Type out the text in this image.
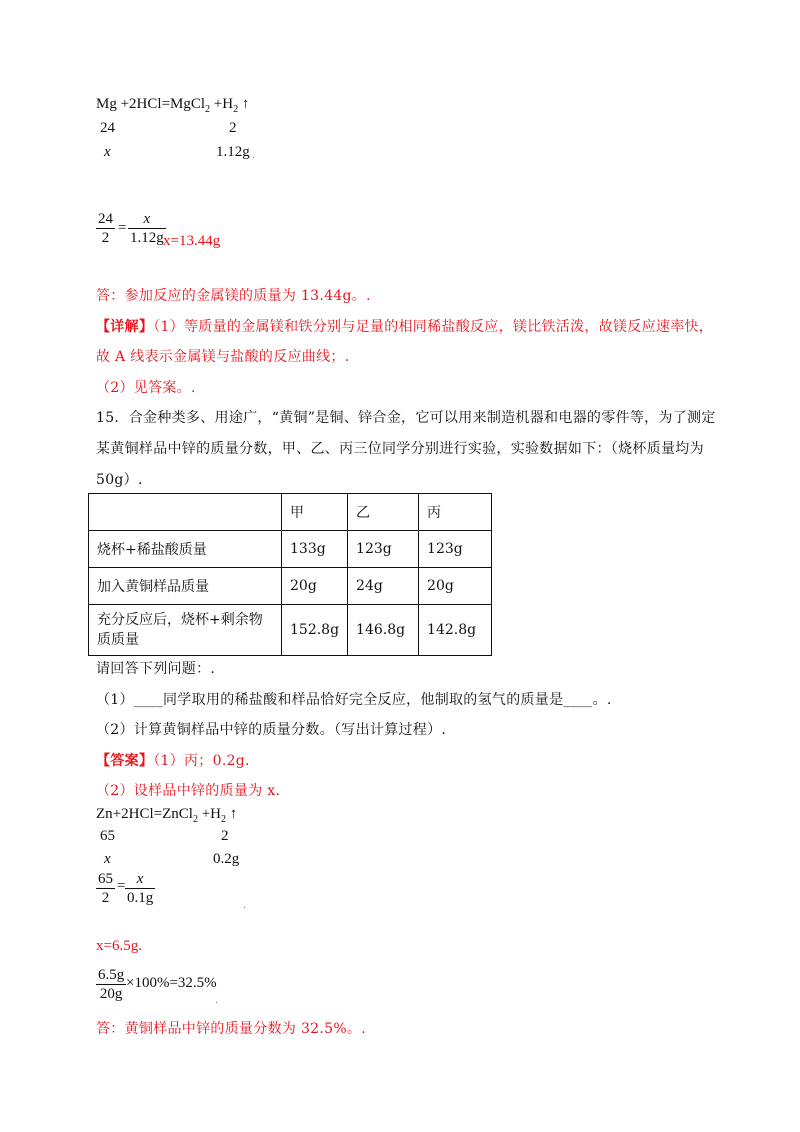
Mg +2HCl=MgCl$_2$ $+H_2$ ↑
24	2
x	1.12g .
$\frac{24}{2} = \frac{x}{1.12g}$
x=13.44g
答：参加反应的金属镁的质量为 13.44g。.
【详解】（1）等质量的金属镁和铁分别与足量的相同稀盐酸反应，镁比铁活泼，故镁反应速率快，
故 A 线表示金属镁与盐酸的反应曲线；.
（2）见答案。.
15．合金种类多、用途广，“黄铜”是铜、锌合金，它可以用来制造机器和电器的零件等，为了测定
某黄铜样品中锌的质量分数，甲、乙、丙三位同学分别进行实验，实验数据如下：（烧杯质量均为
50g）.
	甲	乙	丙
烧杯+稀盐酸质量	133g	123g	123g
加入黄铜样品质量	20g	24g	20g
充分反应后，烧杯+剩余物质质量	152.8g	146.8g	142.8g
请回答下列问题：.
（1）____同学取用的稀盐酸和样品恰好完全反应，他制取的氢气的质量是____。.
（2）计算黄铜样品中锌的质量分数。（写出计算过程）.
【答案】（1）丙；0.2g.
（2）设样品中锌的质量为 x.
Zn+2HCl=ZnCl$_2$ $+H_2$ ↑
65	2
x	0.2g
$\frac{65}{2} = \frac{x}{0.1g}$	.
x=6.5g.
$\frac{6.5g}{20g} \times 100\%=32.5\%$
.
答：黄铜样品中锌的质量分数为 32.5%。.
